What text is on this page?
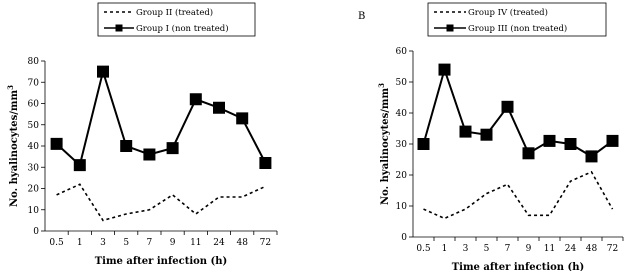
Group II (treated)
Group I (non treated)
0
10
20
30
40
50
60
70
80
0.5 1 3 5 7 9 11 24 48 72
Time after infection (h)
No. hyalinocytes/$mm^3$
B	Group IV (treated)
Group III (non treated)
0
10
20
30
40
50
60
0.5 1 3 5 7 9 11 24 48 72
Time after infection (h)
No. hyalinocytes/$mm^3$
